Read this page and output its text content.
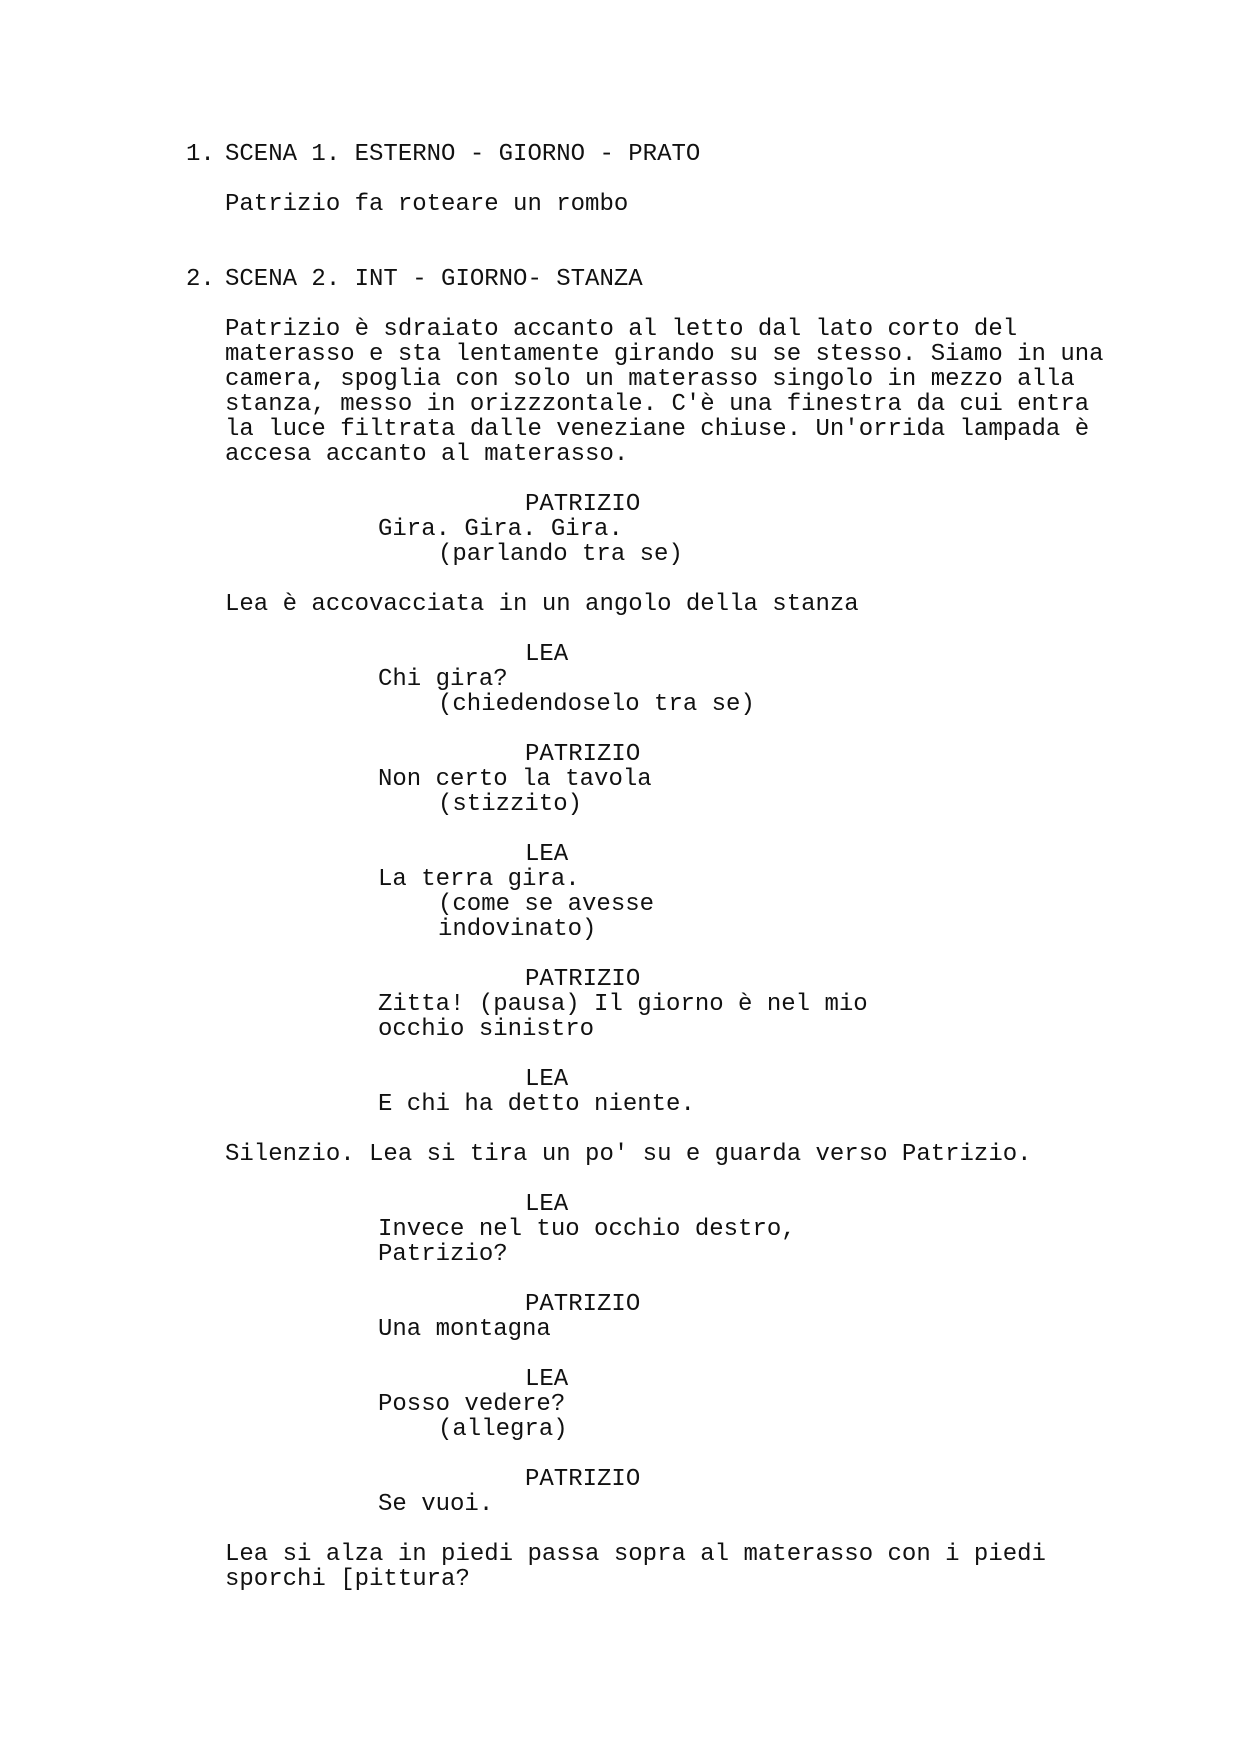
1. SCENA 1. ESTERNO - GIORNO - PRATO
Patrizio fa roteare un rombo
2. SCENA 2. INT - GIORNO- STANZA
Patrizio è sdraiato accanto al letto dal lato corto del
materasso e sta lentamente girando su se stesso. Siamo in una
camera, spoglia con solo un materasso singolo in mezzo alla
stanza, messo in orizzzontale. C'è una finestra da cui entra
la luce filtrata dalle veneziane chiuse. Un'orrida lampada è
accesa accanto al materasso.
PATRIZIO
Gira. Gira. Gira.
(parlando tra se)
Lea è accovacciata in un angolo della stanza
LEA
Chi gira?
(chiedendoselo tra se)
PATRIZIO
Non certo la tavola
(stizzito)
LEA
La terra gira.
(come se avesse
indovinato)
PATRIZIO
Zitta! (pausa) Il giorno è nel mio
occhio sinistro
LEA
E chi ha detto niente.
Silenzio. Lea si tira un po' su e guarda verso Patrizio.
LEA
Invece nel tuo occhio destro,
Patrizio?
PATRIZIO
Una montagna
LEA
Posso vedere?
(allegra)
PATRIZIO
Se vuoi.
Lea si alza in piedi passa sopra al materasso con i piedi
sporchi [pittura?
